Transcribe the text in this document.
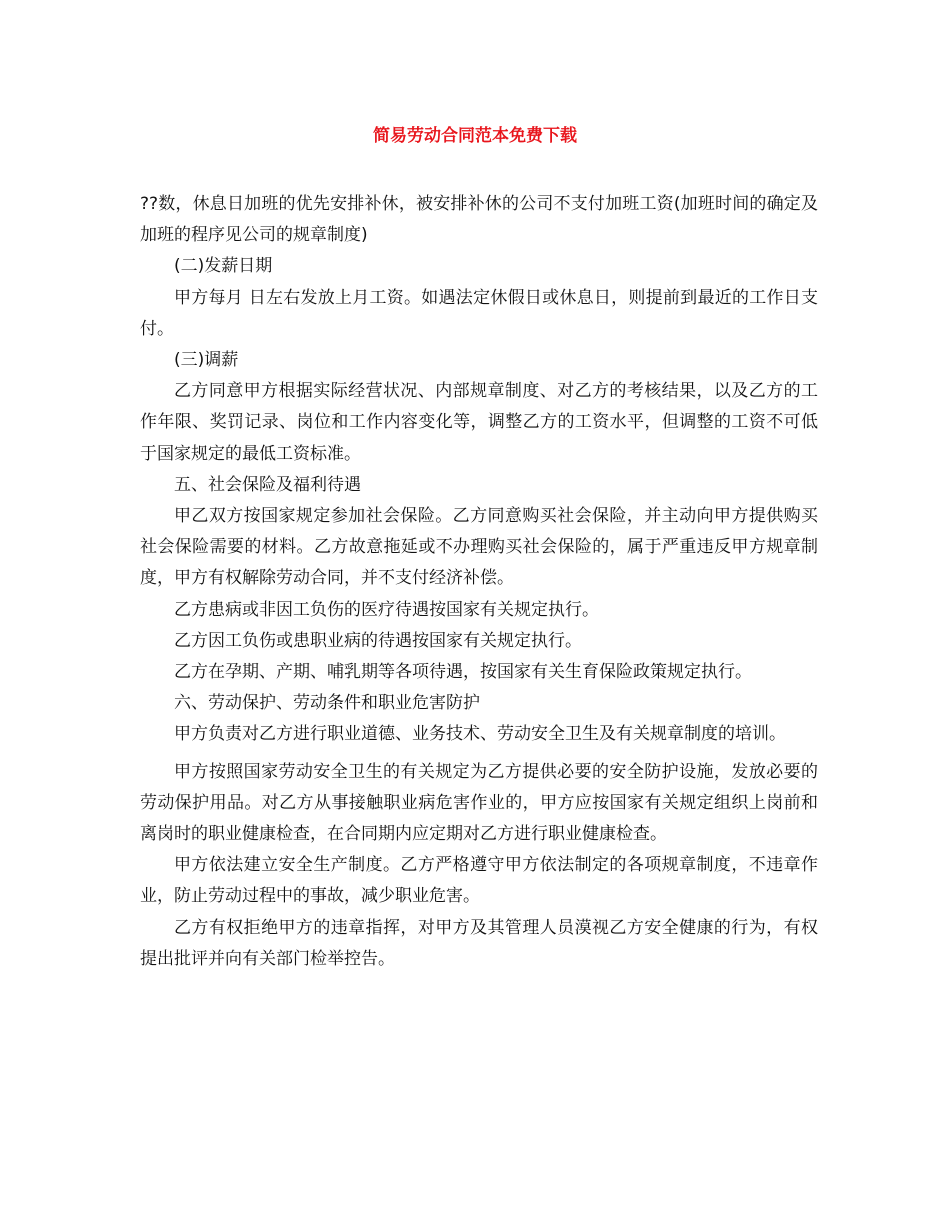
简易劳动合同范本免费下载

??数，休息日加班的优先安排补休，被安排补休的公司不支付加班工资(加班时间的确定及加班的程序见公司的规章制度)

(二)发薪日期

甲方每月 日左右发放上月工资。如遇法定休假日或休息日，则提前到最近的工作日支付。

(三)调薪

乙方同意甲方根据实际经营状况、内部规章制度、对乙方的考核结果，以及乙方的工作年限、奖罚记录、岗位和工作内容变化等，调整乙方的工资水平，但调整的工资不可低于国家规定的最低工资标准。

五、社会保险及福利待遇

甲乙双方按国家规定参加社会保险。乙方同意购买社会保险，并主动向甲方提供购买社会保险需要的材料。乙方故意拖延或不办理购买社会保险的，属于严重违反甲方规章制度，甲方有权解除劳动合同，并不支付经济补偿。

乙方患病或非因工负伤的医疗待遇按国家有关规定执行。

乙方因工负伤或患职业病的待遇按国家有关规定执行。

乙方在孕期、产期、哺乳期等各项待遇，按国家有关生育保险政策规定执行。

六、劳动保护、劳动条件和职业危害防护

甲方负责对乙方进行职业道德、业务技术、劳动安全卫生及有关规章制度的培训。

甲方按照国家劳动安全卫生的有关规定为乙方提供必要的安全防护设施，发放必要的劳动保护用品。对乙方从事接触职业病危害作业的，甲方应按国家有关规定组织上岗前和离岗时的职业健康检查，在合同期内应定期对乙方进行职业健康检查。

甲方依法建立安全生产制度。乙方严格遵守甲方依法制定的各项规章制度，不违章作业，防止劳动过程中的事故，减少职业危害。

乙方有权拒绝甲方的违章指挥，对甲方及其管理人员漠视乙方安全健康的行为，有权提出批评并向有关部门检举控告。
